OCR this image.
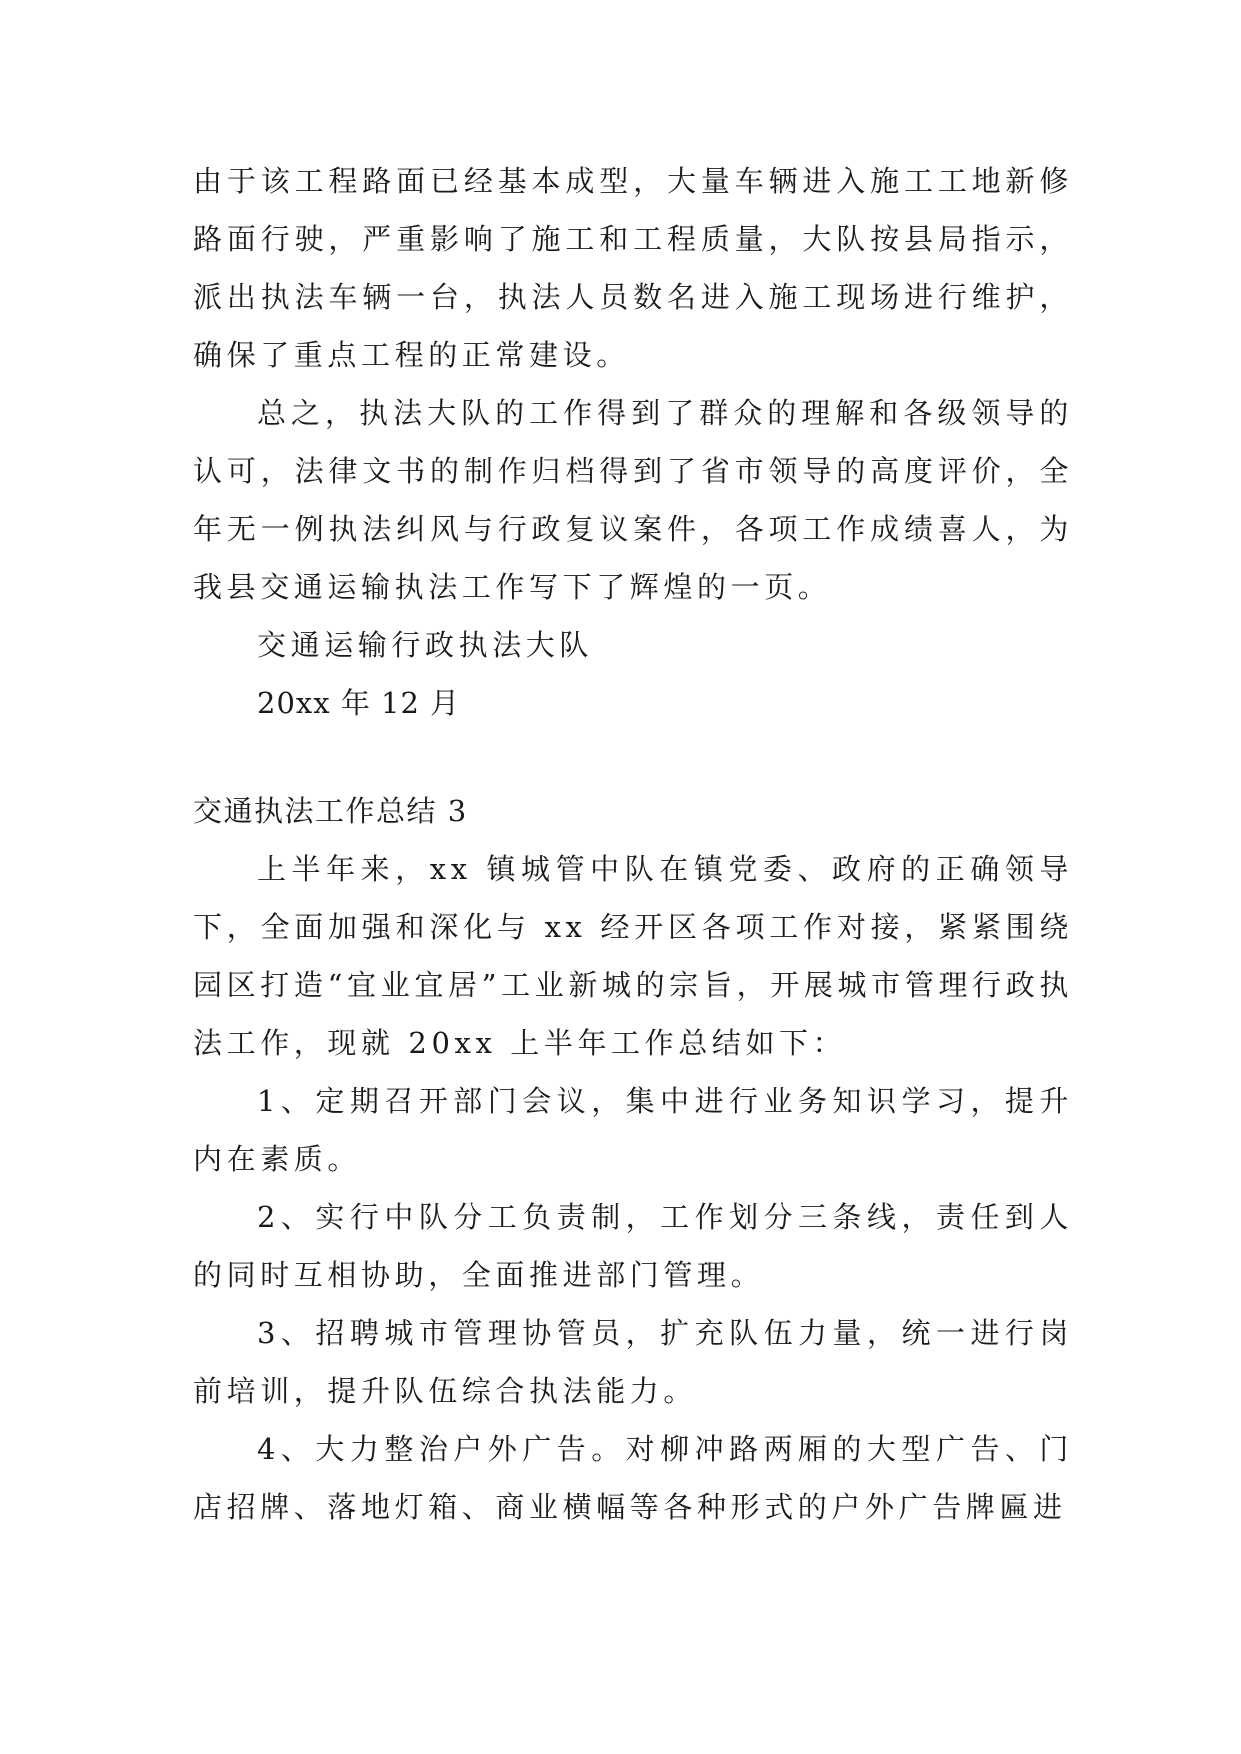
由于该工程路面已经基本成型，大量车辆进入施工工地新修路面行驶，严重影响了施工和工程质量，大队按县局指示，派出执法车辆一台，执法人员数名进入施工现场进行维护，确保了重点工程的正常建设。

总之，执法大队的工作得到了群众的理解和各级领导的认可，法律文书的制作归档得到了省市领导的高度评价，全年无一例执法纠风与行政复议案件，各项工作成绩喜人，为我县交通运输执法工作写下了辉煌的一页。

交通运输行政执法大队

20xx 年 12 月

交通执法工作总结 3

上半年来，xx 镇城管中队在镇党委、政府的正确领导下，全面加强和深化与 xx 经开区各项工作对接，紧紧围绕园区打造“宜业宜居”工业新城的宗旨，开展城市管理行政执法工作，现就 20xx 上半年工作总结如下：

1、定期召开部门会议，集中进行业务知识学习，提升内在素质。

2、实行中队分工负责制，工作划分三条线，责任到人的同时互相协助，全面推进部门管理。

3、招聘城市管理协管员，扩充队伍力量，统一进行岗前培训，提升队伍综合执法能力。

4、大力整治户外广告。对柳冲路两厢的大型广告、门店招牌、落地灯箱、商业横幅等各种形式的户外广告牌匾进
